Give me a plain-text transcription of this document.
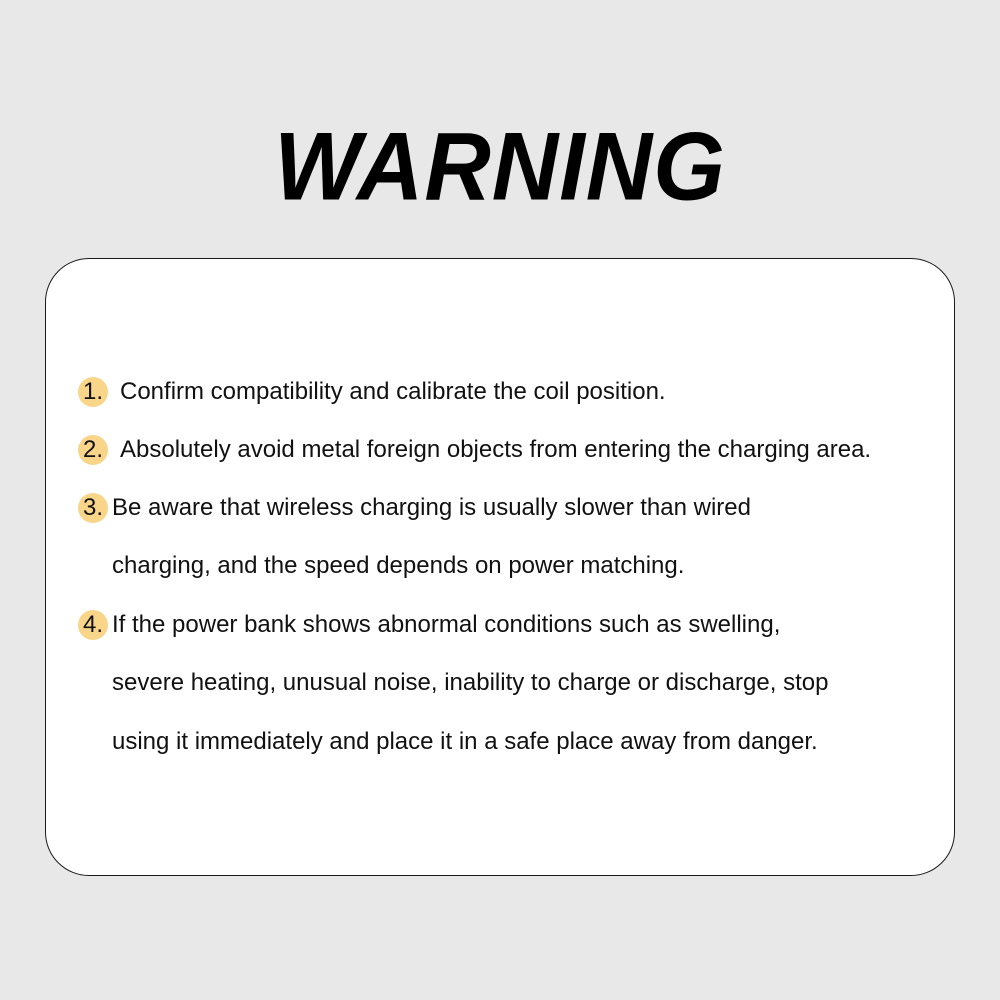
WARNING
1. Confirm compatibility and calibrate the coil position.
2. Absolutely avoid metal foreign objects from entering the charging area.
3. Be aware that wireless charging is usually slower than wired
charging, and the speed depends on power matching.
4. If the power bank shows abnormal conditions such as swelling,
severe heating, unusual noise, inability to charge or discharge, stop
using it immediately and place it in a safe place away from danger.
